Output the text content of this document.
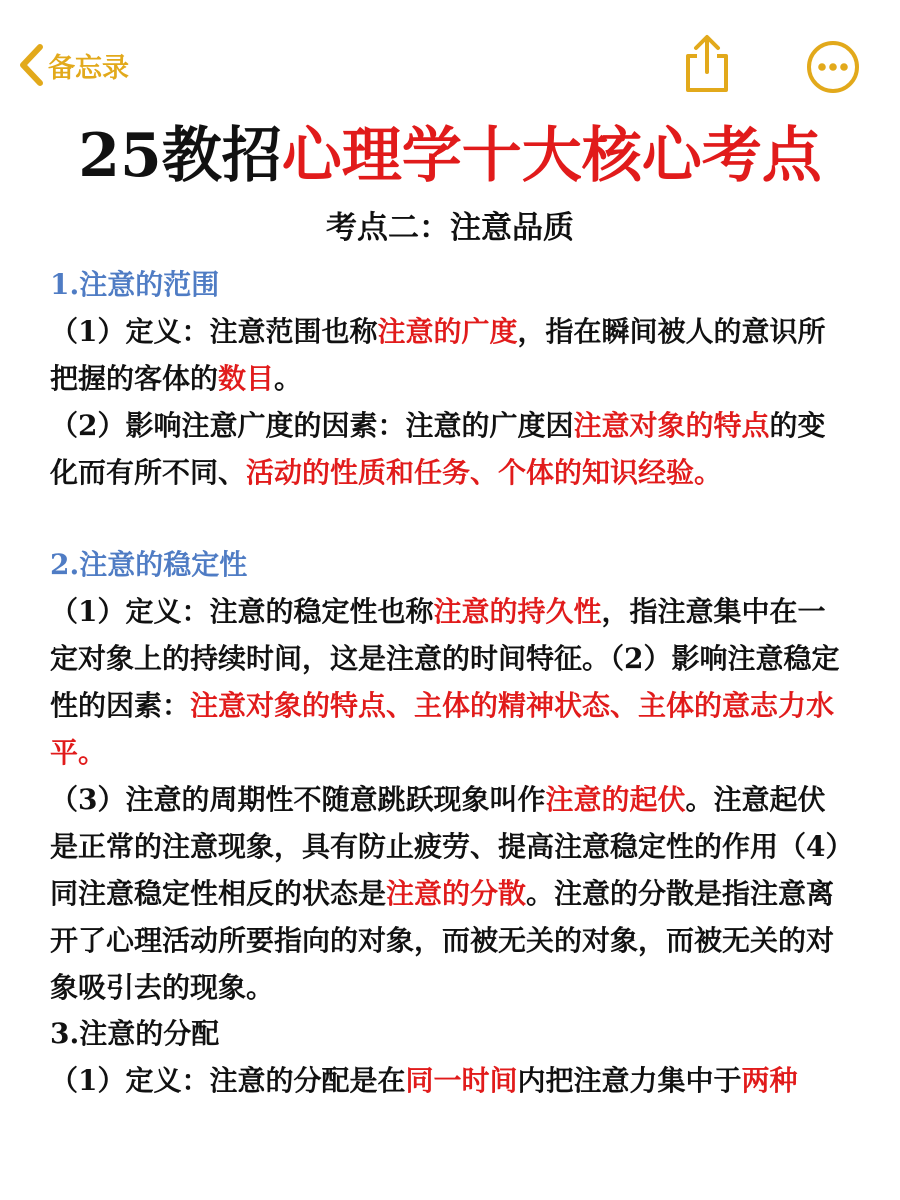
备忘录
25教招心理学十大核心考点
考点二：注意品质
1.注意的范围

（1）定义：注意范围也称注意的广度，指在瞬间被人的意识所把握的客体的数目。

（2）影响注意广度的因素：注意的广度因注意对象的特点的变化而有所不同、活动的性质和任务、个体的知识经验。

2.注意的稳定性

（1）定义：注意的稳定性也称注意的持久性，指注意集中在一定对象上的持续时间，这是注意的时间特征。（2）影响注意稳定性的因素：注意对象的特点、主体的精神状态、主体的意志力水平。

（3）注意的周期性不随意跳跃现象叫作注意的起伏。注意起伏是正常的注意现象，具有防止疲劳、提高注意稳定性的作用（4）同注意稳定性相反的状态是注意的分散。注意的分散是指注意离开了心理活动所要指向的对象，而被无关的对象，而被无关的对象吸引去的现象。

3.注意的分配

（1）定义：注意的分配是在同一时间内把注意力集中于两种
